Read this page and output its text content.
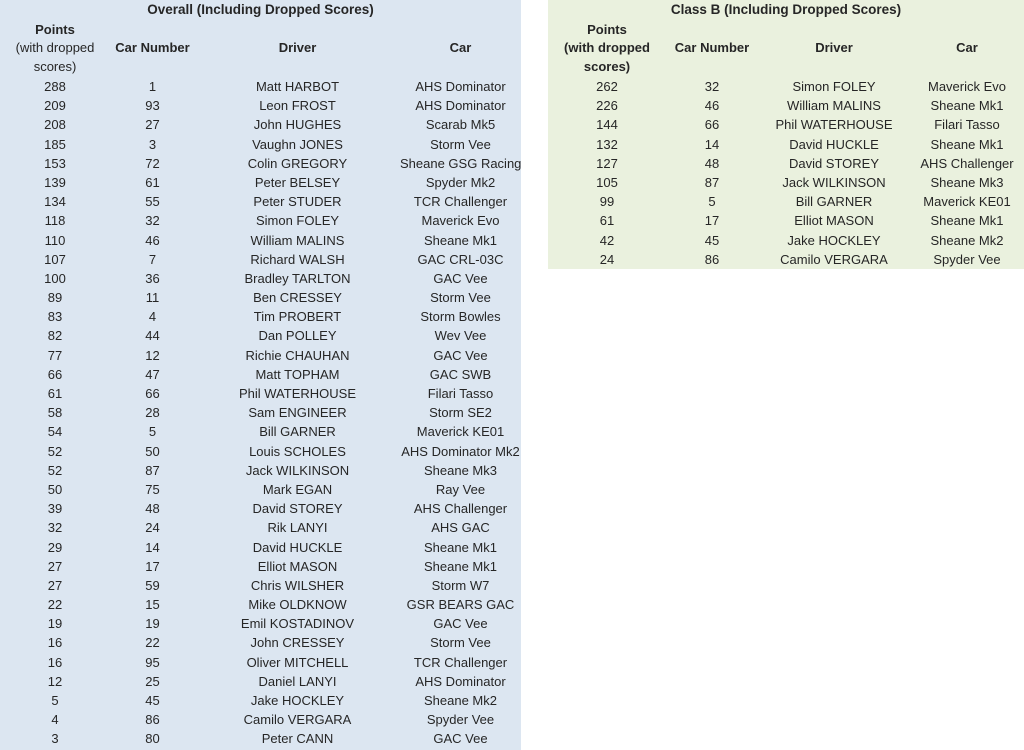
Overall (Including Dropped Scores)
Points
(with dropped scores)
Car Number	Driver	Car
288	1	Matt HARBOT	AHS Dominator
209	93	Leon FROST	AHS Dominator
208	27	John HUGHES	Scarab Mk5
185	3	Vaughn JONES	Storm Vee
153	72	Colin GREGORY	Sheane GSG Racing
139	61	Peter BELSEY	Spyder Mk2
134	55	Peter STUDER	TCR Challenger
118	32	Simon FOLEY	Maverick Evo
110	46	William MALINS	Sheane Mk1
107	7	Richard WALSH	GAC CRL-03C
100	36	Bradley TARLTON	GAC Vee
89	11	Ben CRESSEY	Storm Vee
83	4	Tim PROBERT	Storm Bowles
82	44	Dan POLLEY	Wev Vee
77	12	Richie CHAUHAN	GAC Vee
66	47	Matt TOPHAM	GAC SWB
61	66	Phil WATERHOUSE	Filari Tasso
58	28	Sam ENGINEER	Storm SE2
54	5	Bill GARNER	Maverick KE01
52	50	Louis SCHOLES	AHS Dominator Mk2
52	87	Jack WILKINSON	Sheane Mk3
50	75	Mark EGAN	Ray Vee
39	48	David STOREY	AHS Challenger
32	24	Rik LANYI	AHS GAC
29	14	David HUCKLE	Sheane Mk1
27	17	Elliot MASON	Sheane Mk1
27	59	Chris WILSHER	Storm W7
22	15	Mike OLDKNOW	GSR BEARS GAC
19	19	Emil KOSTADINOV	GAC Vee
16	22	John CRESSEY	Storm Vee
16	95	Oliver MITCHELL	TCR Challenger
12	25	Daniel LANYI	AHS Dominator
5	45	Jake HOCKLEY	Sheane Mk2
4	86	Camilo VERGARA	Spyder Vee
3	80	Peter CANN	GAC Vee
Class B (Including Dropped Scores)
Points
(with dropped scores)
Car Number	Driver	Car
262	32	Simon FOLEY	Maverick Evo
226	46	William MALINS	Sheane Mk1
144	66	Phil WATERHOUSE	Filari Tasso
132	14	David HUCKLE	Sheane Mk1
127	48	David STOREY	AHS Challenger
105	87	Jack WILKINSON	Sheane Mk3
99	5	Bill GARNER	Maverick KE01
61	17	Elliot MASON	Sheane Mk1
42	45	Jake HOCKLEY	Sheane Mk2
24	86	Camilo VERGARA	Spyder Vee
